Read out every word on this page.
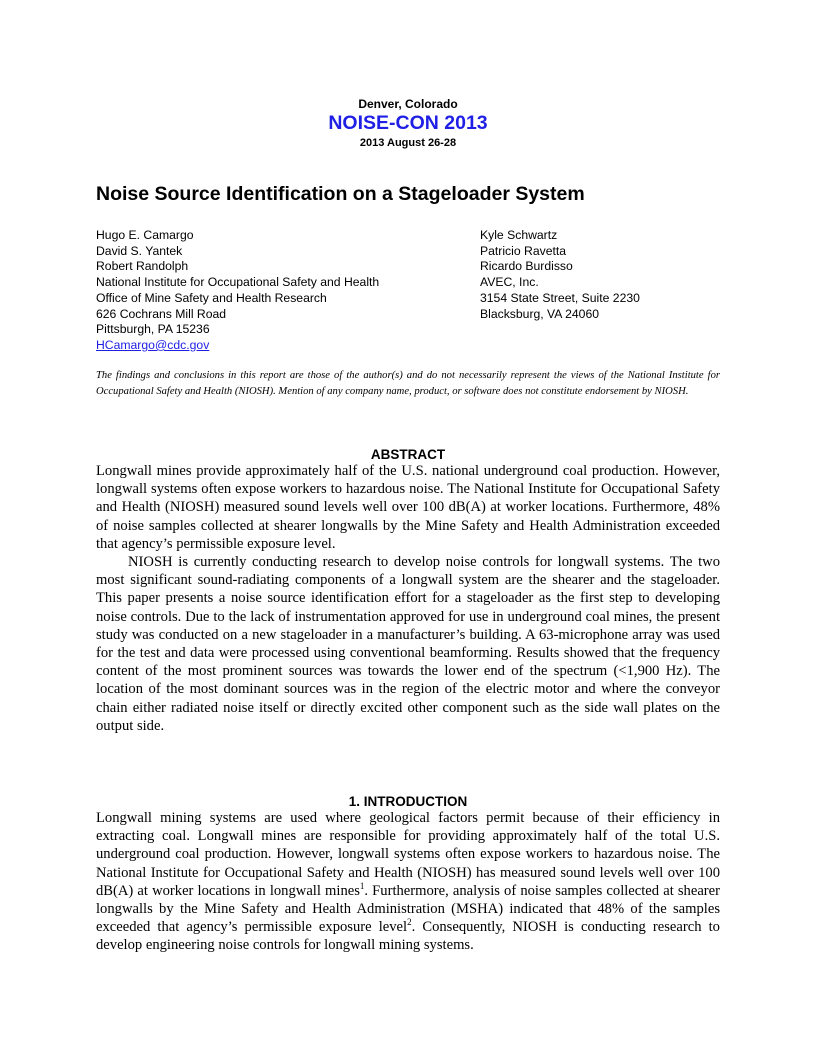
Denver, Colorado
NOISE-CON 2013
2013 August 26-28
Noise Source Identification on a Stageloader System
Hugo E. Camargo
David S. Yantek
Robert Randolph
National Institute for Occupational Safety and Health
Office of Mine Safety and Health Research
626 Cochrans Mill Road
Pittsburgh, PA 15236
HCamargo@cdc.gov
Kyle Schwartz
Patricio Ravetta
Ricardo Burdisso
AVEC, Inc.
3154 State Street, Suite 2230
Blacksburg, VA 24060
The findings and conclusions in this report are those of the author(s) and do not necessarily represent the views of the National Institute for Occupational Safety and Health (NIOSH). Mention of any company name, product, or software does not constitute endorsement by NIOSH.
ABSTRACT

Longwall mines provide approximately half of the U.S. national underground coal production. However, longwall systems often expose workers to hazardous noise. The National Institute for Occupational Safety and Health (NIOSH) measured sound levels well over 100 dB(A) at worker locations. Furthermore, 48% of noise samples collected at shearer longwalls by the Mine Safety and Health Administration exceeded that agency’s permissible exposure level.

NIOSH is currently conducting research to develop noise controls for longwall systems. The two most significant sound-radiating components of a longwall system are the shearer and the stageloader. This paper presents a noise source identification effort for a stageloader as the first step to developing noise controls. Due to the lack of instrumentation approved for use in underground coal mines, the present study was conducted on a new stageloader in a manufacturer’s building. A 63-microphone array was used for the test and data were processed using conventional beamforming. Results showed that the frequency content of the most prominent sources was towards the lower end of the spectrum (<1,900 Hz). The location of the most dominant sources was in the region of the electric motor and where the conveyor chain either radiated noise itself or directly excited other component such as the side wall plates on the output side.

1. INTRODUCTION

Longwall mining systems are used where geological factors permit because of their efficiency in extracting coal. Longwall mines are responsible for providing approximately half of the total U.S. underground coal production. However, longwall systems often expose workers to hazardous noise. The National Institute for Occupational Safety and Health (NIOSH) has measured sound levels well over 100 dB(A) at worker locations in longwall mines$^1$. Furthermore, analysis of noise samples collected at shearer longwalls by the Mine Safety and Health Administration (MSHA) indicated that 48% of the samples exceeded that agency’s permissible exposure level$^2$. Consequently, NIOSH is conducting research to develop engineering noise controls for longwall mining systems.
